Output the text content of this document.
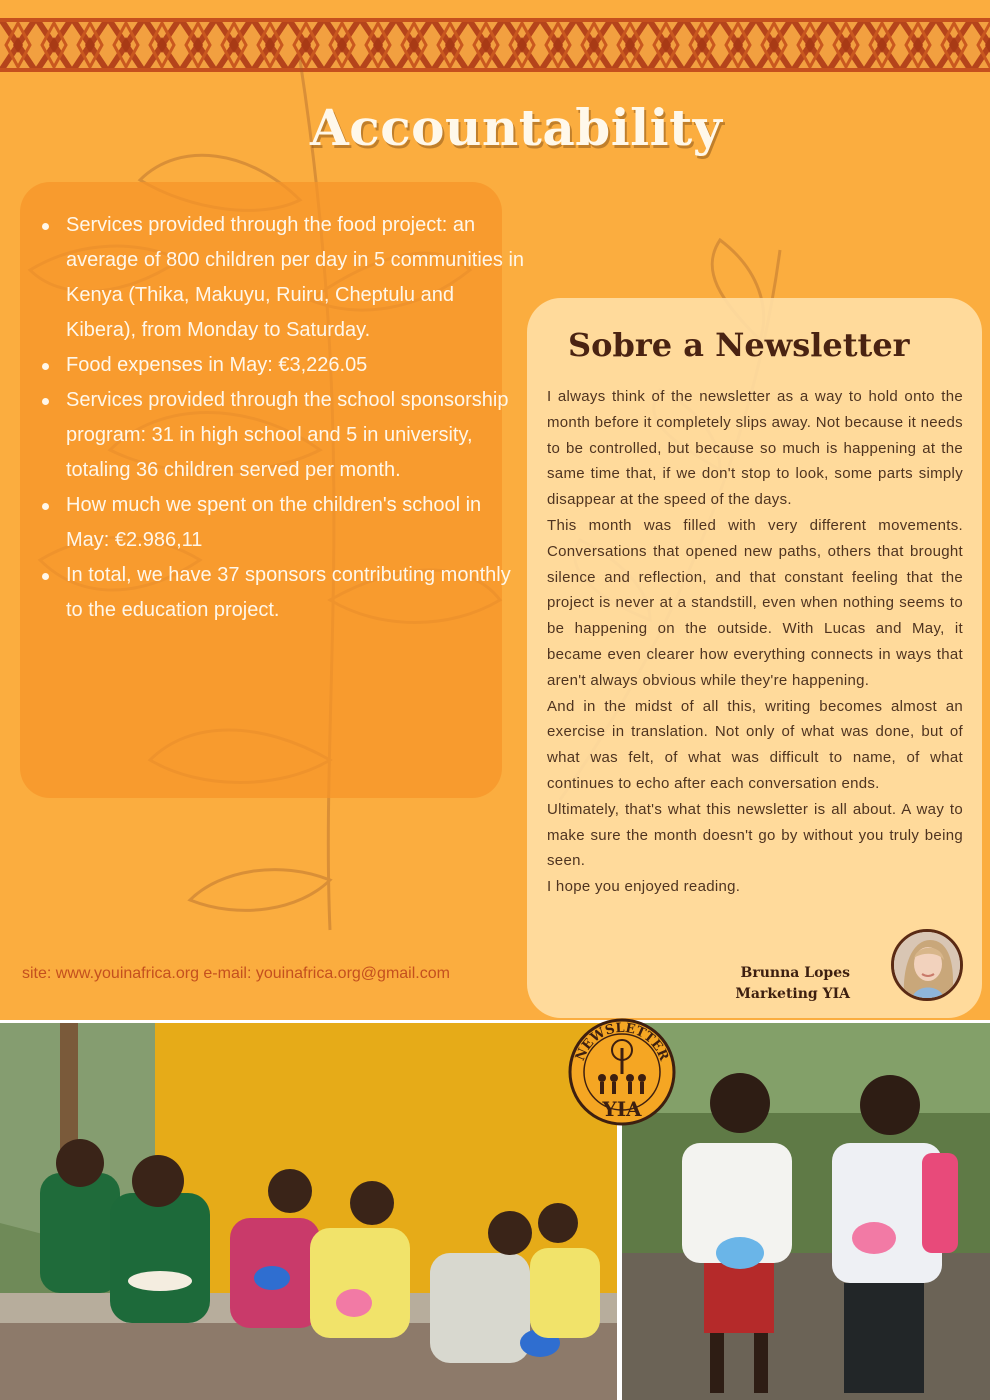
Accountability
Services provided through the food project: an average of 800 children per day in 5 communities in Kenya (Thika, Makuyu, Ruiru, Cheptulu and Kibera), from Monday to Saturday.
Food expenses in May: €3,226.05
Services provided through the school sponsorship program: 31 in high school and 5 in university, totaling 36 children served per month.
How much we spent on the children's school in May: €2.986,11
In total, we have 37 sponsors contributing monthly to the education project.
Sobre a Newsletter

I always think of the newsletter as a way to hold onto the month before it completely slips away. Not because it needs to be controlled, but because so much is happening at the same time that, if we don't stop to look, some parts simply disappear at the speed of the days.

This month was filled with very different movements. Conversations that opened new paths, others that brought silence and reflection, and that constant feeling that the project is never at a standstill, even when nothing seems to be happening on the outside. With Lucas and May, it became even clearer how everything connects in ways that aren't always obvious while they're happening.

And in the midst of all this, writing becomes almost an exercise in translation. Not only of what was done, but of what was felt, of what was difficult to name, of what continues to echo after each conversation ends.

Ultimately, that's what this newsletter is all about. A way to make sure the month doesn't go by without you truly being seen.

I hope you enjoyed reading.

Brunna Lopes
Marketing YIA
site: www.youinafrica.org e-mail: youinafrica.org@gmail.com
NEWSLETTER
YIA
